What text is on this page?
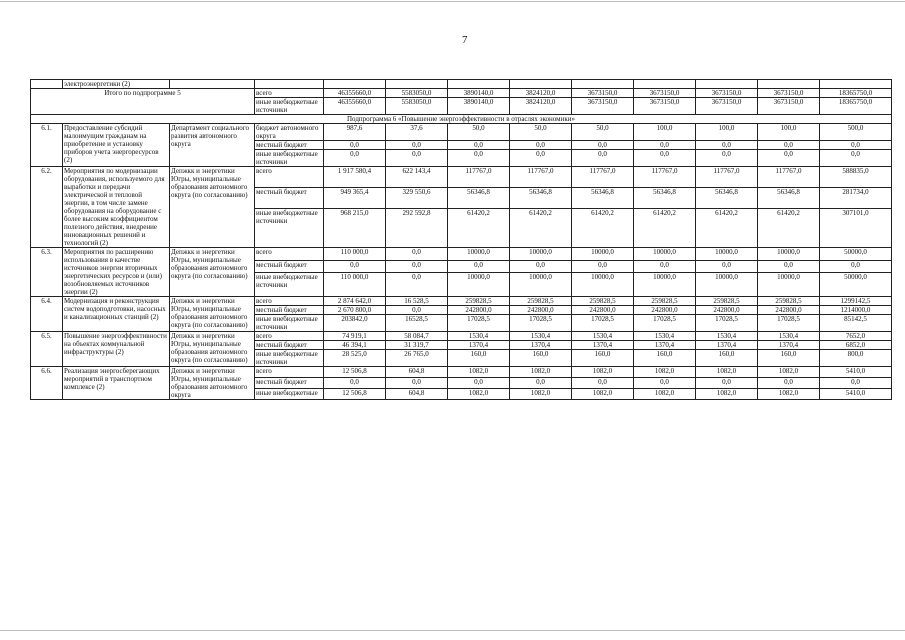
7
	электроэнергетики (2)											
Итого по подпрограмме 5			всего	46355660,0	5583050,0	3890140,0	3824120,0	3673150,0	3673150,0	3673150,0	3673150,0	18365750,0
			иные внебюджетные источники	46355660,0	5583050,0	3890140,0	3824120,0	3673150,0	3673150,0	3673150,0	3673150,0	18365750,0
Подпрограмма 6 «Повышение энергоэффективности в отраслях экономики»												
6.1.	Предоставление субсидий малоимущим гражданам на приобретение и установку приборов учета энергоресурсов (2)	Департамент социального развития автономного округа	бюджет автономного округа	987,6	37,6	50,0	50,0	50,0	100,0	100,0	100,0	500,0
			местный бюджет	0,0	0,0	0,0	0,0	0,0	0,0	0,0	0,0	0,0
			иные внебюджетные источники	0,0	0,0	0,0	0,0	0,0	0,0	0,0	0,0	0,0
6.2.	Мероприятия по модернизации оборудования, используемого для выработки и передачи электрической и тепловой энергии, в том числе замене оборудования на оборудование с более высоким коэффициентом полезного действия, внедрение инновационных решений и технологий (2)	Депжкк и энергетики Югры, муниципальные образования автономного округа (по согласованию)	всего	1 917 580,4	622 143,4	117767,0	117767,0	117767,0	117767,0	117767,0	117767,0	588835,0
			местный бюджет	949 365,4	329 550,6	56346,8	56346,8	56346,8	56346,8	56346,8	56346,8	281734,0
			иные внебюджетные источники	968 215,0	292 592,8	61420,2	61420,2	61420,2	61420,2	61420,2	61420,2	307101,0
6.3.	Мероприятия по расширению использования в качестве источников энергии вторичных энергетических ресурсов и (или) возобновляемых источников энергии (2)	Депжкк и энергетики Югры, муниципальные образования автономного округа (по согласованию)	всего	110 000,0	0,0	10000,0	10000,0	10000,0	10000,0	10000,0	10000,0	50000,0
			местный бюджет	0,0	0,0	0,0	0,0	0,0	0,0	0,0	0,0	0,0
			иные внебюджетные источники	110 000,0	0,0	10000,0	10000,0	10000,0	10000,0	10000,0	10000,0	50000,0
6.4.	Модернизация и реконструкция систем водоподготовки, насосных и канализационных станций (2)	Депжкк и энергетики Югры, муниципальные образования автономного округа (по согласованию)	всего	2 874 642,0	16 528,5	259828,5	259828,5	259828,5	259828,5	259828,5	259828,5	1299142,5
			местный бюджет	2 670 800,0	0,0	242800,0	242800,0	242800,0	242800,0	242800,0	242800,0	1214000,0
			иные внебюджетные источники	203842,0	16528,5	17028,5	17028,5	17028,5	17028,5	17028,5	17028,5	85142,5
6.5.	Повышение энергоэффективности на объектах коммунальной инфраструктуры (2)	Депжкк и энергетики Югры, муниципальные образования автономного округа (по согласованию)	всего	74 919,1	58 084,7	1530,4	1530,4	1530,4	1530,4	1530,4	1530,4	7652,0
			местный бюджет	46 394,1	31 319,7	1370,4	1370,4	1370,4	1370,4	1370,4	1370,4	6852,0
			иные внебюджетные источники	28 525,0	26 765,0	160,0	160,0	160,0	160,0	160,0	160,0	800,0
6.6.	Реализация энергосберегающих мероприятий в транспортном комплексе (2)	Депжкк и энергетики Югры, муниципальные образования автономного округа	всего	12 506,8	604,8	1082,0	1082,0	1082,0	1082,0	1082,0	1082,0	5410,0
			местный бюджет	0,0	0,0	0,0	0,0	0,0	0,0	0,0	0,0	0,0
			иные внебюджетные	12 506,8	604,8	1082,0	1082,0	1082,0	1082,0	1082,0	1082,0	5410,0
